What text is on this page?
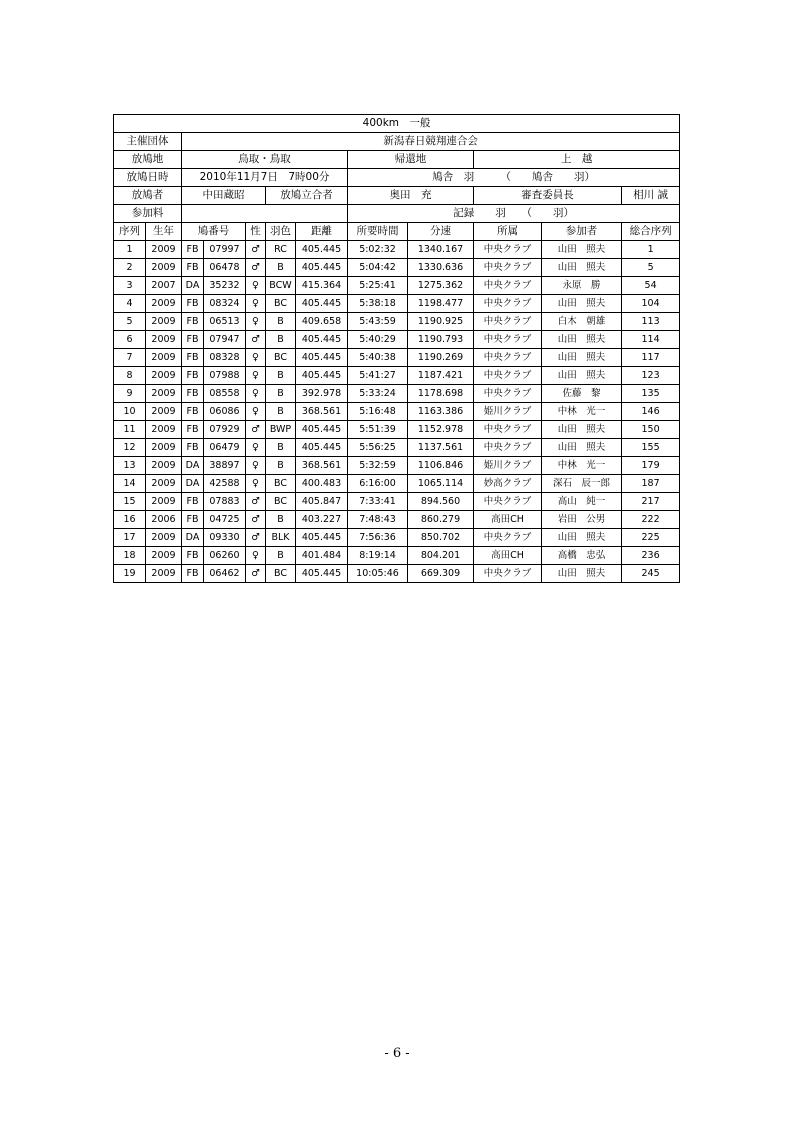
400km　一般											
主催団体		新潟春日競翔連合会									
放鳩地		鳥取・鳥取					帰還地		上　越		
放鳩日時		2010年11月7日　7時00分					鳩舎　羽　　　（　　鳩舎　　羽）				
放鳩者		中田蔵昭			放鳩立合者		奥田　充		審査委員長		相川 誠
参加料							記録　　羽　　（　　羽）				
序列	生年	鳩番号		性	羽色	距離	所要時間	分速	所属	参加者	総合序列
1	2009	FB	07997	♂	RC	405.445	5:02:32	1340.167	中央クラブ	山田　照夫	1
2	2009	FB	06478	♂	B	405.445	5:04:42	1330.636	中央クラブ	山田　照夫	5
3	2007	DA	35232	♀	BCW	415.364	5:25:41	1275.362	中央クラブ	永原　勝	54
4	2009	FB	08324	♀	BC	405.445	5:38:18	1198.477	中央クラブ	山田　照夫	104
5	2009	FB	06513	♀	B	409.658	5:43:59	1190.925	中央クラブ	白木　朝雄	113
6	2009	FB	07947	♂	B	405.445	5:40:29	1190.793	中央クラブ	山田　照夫	114
7	2009	FB	08328	♀	BC	405.445	5:40:38	1190.269	中央クラブ	山田　照夫	117
8	2009	FB	07988	♀	B	405.445	5:41:27	1187.421	中央クラブ	山田　照夫	123
9	2009	FB	08558	♀	B	392.978	5:33:24	1178.698	中央クラブ	佐藤　黎	135
10	2009	FB	06086	♀	B	368.561	5:16:48	1163.386	姫川クラブ	中林　光一	146
11	2009	FB	07929	♂	BWP	405.445	5:51:39	1152.978	中央クラブ	山田　照夫	150
12	2009	FB	06479	♀	B	405.445	5:56:25	1137.561	中央クラブ	山田　照夫	155
13	2009	DA	38897	♀	B	368.561	5:32:59	1106.846	姫川クラブ	中林　光一	179
14	2009	DA	42588	♀	BC	400.483	6:16:00	1065.114	妙高クラブ	深石　辰一郎	187
15	2009	FB	07883	♂	BC	405.847	7:33:41	894.560	中央クラブ	高山　純一	217
16	2006	FB	04725	♂	B	403.227	7:48:43	860.279	高田CH	岩田　公男	222
17	2009	DA	09330	♂	BLK	405.445	7:56:36	850.702	中央クラブ	山田　照夫	225
18	2009	FB	06260	♀	B	401.484	8:19:14	804.201	高田CH	高橋　忠弘	236
19	2009	FB	06462	♂	BC	405.445	10:05:46	669.309	中央クラブ	山田　照夫	245
- 6 -
